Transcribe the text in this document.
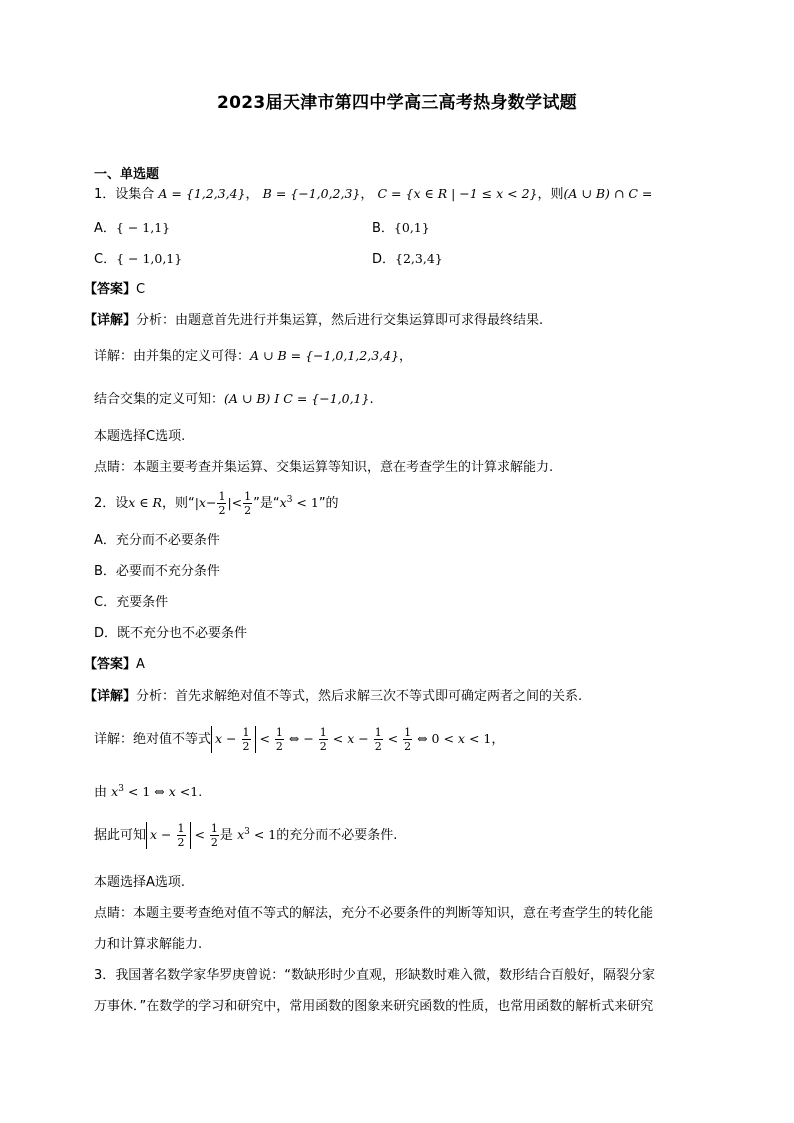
2023届天津市第四中学高三高考热身数学试题
一、单选题
1．设集合 A = {1,2,3,4}， B = {−1,0,2,3}， C = {x ∈ R | −1 ≤ x < 2}，则(A ∪ B) ∩ C =
A．{ − 1,1}	B．{0,1}
C．{ − 1,0,1}	D．{2,3,4}
【答案】C
【详解】分析：由题意首先进行并集运算，然后进行交集运算即可求得最终结果.
详解：由并集的定义可得：A ∪ B = {−1,0,1,2,3,4}，
结合交集的定义可知：(A ∪ B) I C = {−1,0,1}.
本题选择C选项.
点睛：本题主要考查并集运算、交集运算等知识，意在考查学生的计算求解能力.
2．设x ∈ R，则“$|x- \frac{1}{2}$ |< $\frac{1}{2}$ ”是“$x^3 < 1$”的
A．充分而不必要条件
B．必要而不充分条件
C．充要条件
D．既不充分也不必要条件
【答案】A
【详解】分析：首先求解绝对值不等式，然后求解三次不等式即可确定两者之间的关系.
详解：绝对值不等式 $x - \frac{1}{2} < \frac{1}{2}$ ⇔ − $\frac{1}{2} < x - \frac{1}{2} < \frac{1}{2}$ ⇔ 0 < x < 1，
由 $x^3 < 1$ ⇔ x <1.
据此可知 $x - \frac{1}{2} < \frac{1}{2}$ 是 $x^3 < 1$的充分而不必要条件.
本题选择A选项.
点睛：本题主要考查绝对值不等式的解法，充分不必要条件的判断等知识，意在考查学生的转化能
力和计算求解能力.
3．我国著名数学家华罗庚曾说：“数缺形时少直观，形缺数时难入微，数形结合百般好，隔裂分家
万事休．”在数学的学习和研究中，常用函数的图象来研究函数的性质，也常用函数的解析式来研究
